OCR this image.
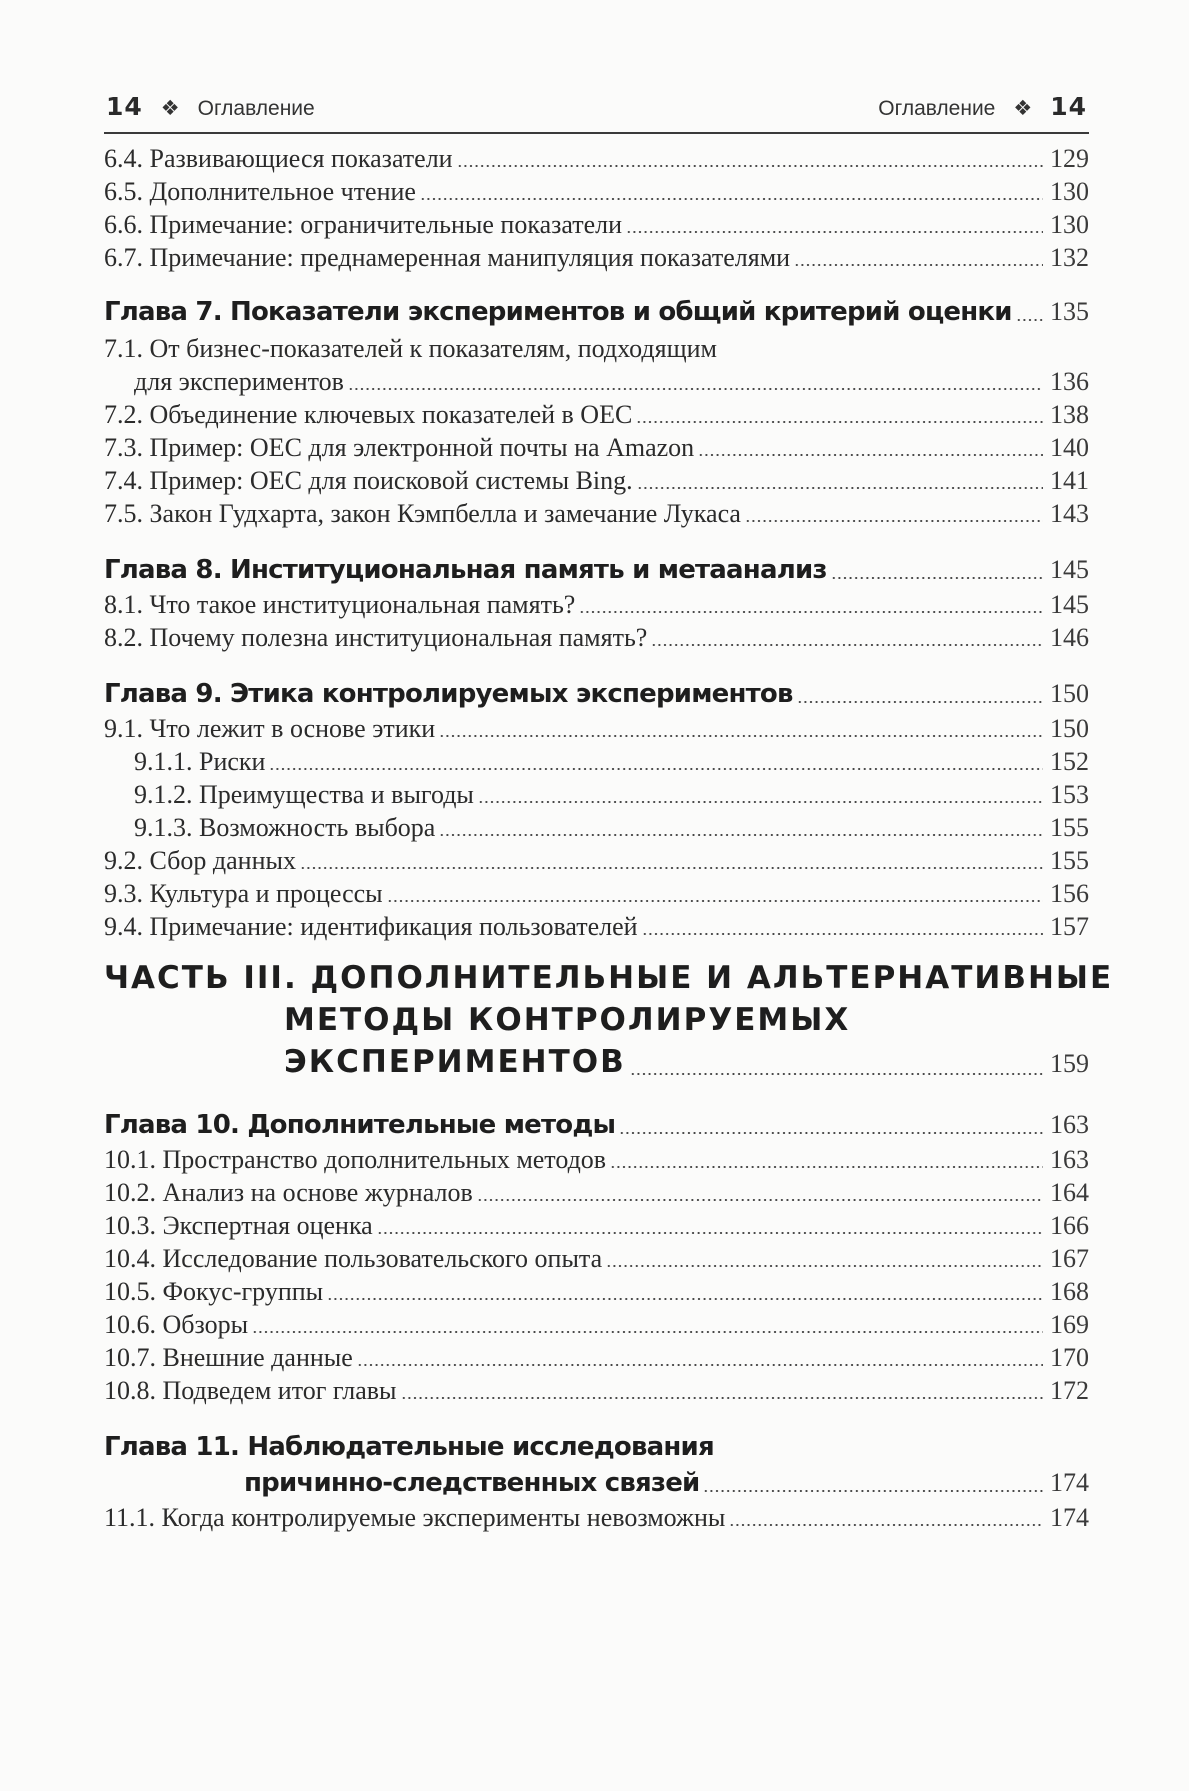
14 ❖ Оглавление	Оглавление ❖ 14
6.4. Развивающиеся показатели	129
6.5. Дополнительное чтение	130
6.6. Примечание: ограничительные показатели	130
6.7. Примечание: преднамеренная манипуляция показателями	132
Глава 7. Показатели экспериментов и общий критерий оценки 135
7.1. От бизнес-показателей к показателям, подходящим
для экспериментов	136
7.2. Объединение ключевых показателей в OEC	138
7.3. Пример: OEC для электронной почты на Amazon	140
7.4. Пример: OEC для поисковой системы Bing.	141
7.5. Закон Гудхарта, закон Кэмпбелла и замечание Лукаса	143
Глава 8. Институциональная память и метаанализ	145
8.1. Что такое институциональная память?	145
8.2. Почему полезна институциональная память?	146
Глава 9. Этика контролируемых экспериментов	150
9.1. Что лежит в основе этики	150
9.1.1. Риски	152
9.1.2. Преимущества и выгоды	153
9.1.3. Возможность выбора	155
9.2. Сбор данных	155
9.3. Культура и процессы	156
9.4. Примечание: идентификация пользователей	157
ЧАСТЬ III. ДОПОЛНИТЕЛЬНЫЕ И АЛЬТЕРНАТИВНЫЕ
МЕТОДЫ КОНТРОЛИРУЕМЫХ
ЭКСПЕРИМЕНТОВ	159
Глава 10. Дополнительные методы	163
10.1. Пространство дополнительных методов	163
10.2. Анализ на основе журналов	164
10.3. Экспертная оценка	166
10.4. Исследование пользовательского опыта	167
10.5. Фокус-группы	168
10.6. Обзоры	169
10.7. Внешние данные	170
10.8. Подведем итог главы	172
Глава 11. Наблюдательные исследования
причинно-следственных связей	174
11.1. Когда контролируемые эксперименты невозможны	174
